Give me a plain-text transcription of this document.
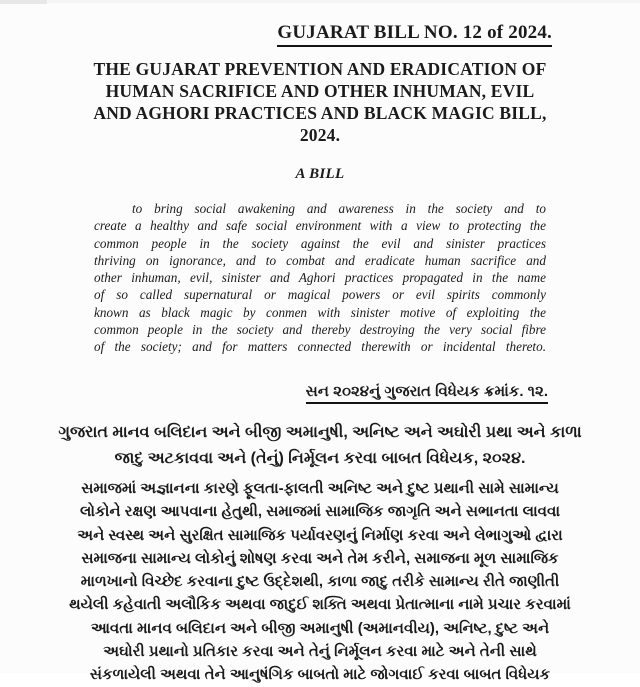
GUJARAT BILL NO. 12 of 2024.
THE GUJARAT PREVENTION AND ERADICATION OF
HUMAN SACRIFICE AND OTHER INHUMAN, EVIL
AND AGHORI PRACTICES AND BLACK MAGIC BILL,
2024.
A BILL
to bring social awakening and awareness in the society and to
create a healthy and safe social environment with a view to protecting the
common people in the society against the evil and sinister practices
thriving on ignorance, and to combat and eradicate human sacrifice and
other inhuman, evil, sinister and Aghori practices propagated in the name
of so called supernatural or magical powers or evil spirits commonly
known as black magic by conmen with sinister motive of exploiting the
common people in the society and thereby destroying the very social fibre
of the society; and for matters connected therewith or incidental thereto.
સન ૨૦૨૪નું ગુજરાત વિધેયક ક્રમાંક. ૧૨.
ગુજરાત માનવ બલિદાન અને બીજી અમાનુષી, અનિષ્ટ અને અઘોરી પ્રથા અને કાળા
જાદુ અટકાવવા અને (તેનું) નિર્મૂલન કરવા બાબત વિધેયક, ૨૦૨૪.
સમાજમાં અજ્ઞાનના કારણે ફૂલતા-ફાલતી અનિષ્ટ અને દુષ્ટ પ્રથાની સામે સામાન્ય
લોકોને રક્ષણ આપવાના હેતુથી, સમાજમાં સામાજિક જાગૃતિ અને સભાનતા લાવવા
અને સ્વસ્થ અને સુરક્ષિત સામાજિક પર્યાવરણનું નિર્માણ કરવા અને લેભાગુઓ દ્વારા
સમાજના સામાન્ય લોકોનું શોષણ કરવા અને તેમ કરીને, સમાજના મૂળ સામાજિક
માળખાનો વિચ્છેદ કરવાના દુષ્ટ ઉદ્દેશથી, કાળા જાદુ તરીકે સામાન્ય રીતે જાણીતી
થયેલી કહેવાતી અલૌકિક અથવા જાદુઈ શક્તિ અથવા પ્રેતાત્માના નામે પ્રચાર કરવામાં
આવતા માનવ બલિદાન અને બીજી અમાનુષી (અમાનવીય), અનિષ્ટ, દુષ્ટ અને
અઘોરી પ્રથાનો પ્રતિકાર કરવા અને તેનું નિર્મૂલન કરવા માટે અને તેની સાથે
સંકળાયેલી અથવા તેને આનુષંગિક બાબતો માટે જોગવાઈ કરવા બાબત વિધેયક
